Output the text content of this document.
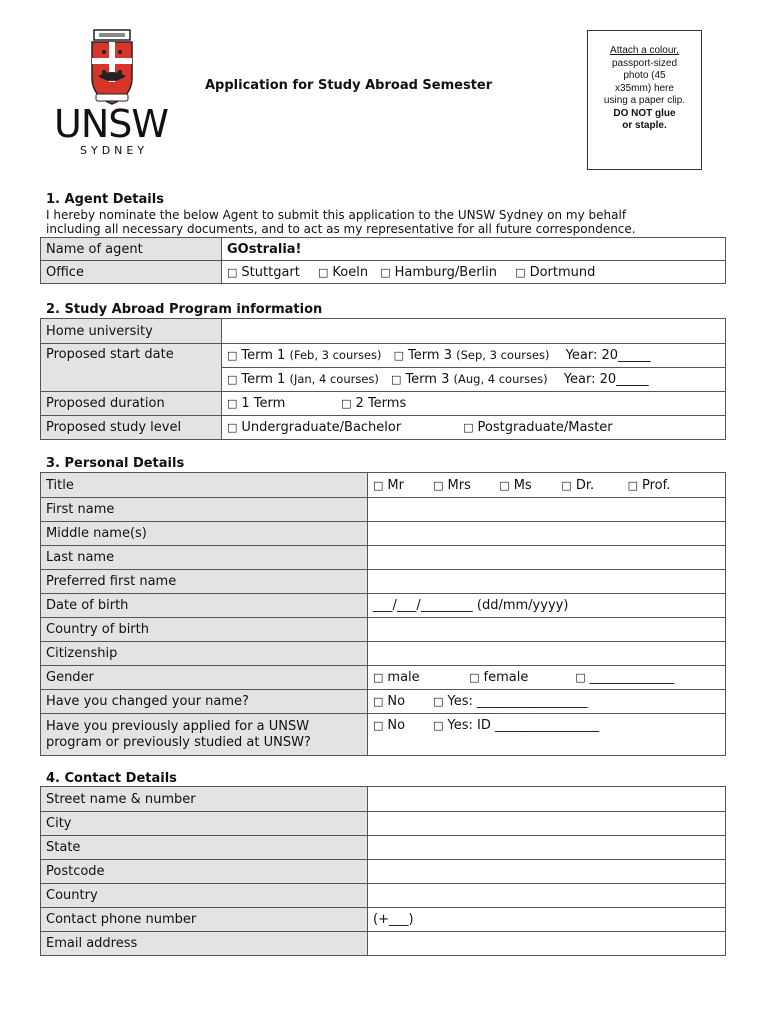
UNSW
SYDNEY
Application for Study Abroad Semester
Attach a colour,
passport-sized
photo (45
x35mm) here
using a paper clip.
DO NOT glue
or staple.
1. Agent Details
I hereby nominate the below Agent to submit this application to the UNSW Sydney on my behalf
including all necessary documents, and to act as my representative for all future correspondence.
Name of agent	GOstralia!
Office	□ Stuttgart □ Koeln □ Hamburg/Berlin □ Dortmund
2. Study Abroad Program information
Home university	
Proposed start date	□ Term 1 (Feb, 3 courses) □ Term 3 (Sep, 3 courses) Year: 20_____
	□ Term 1 (Jan, 4 courses) □ Term 3 (Aug, 4 courses) Year: 20_____
Proposed duration	□ 1 Term □ 2 Terms
Proposed study level	□ Undergraduate/Bachelor □ Postgraduate/Master
3. Personal Details
Title	□ Mr □ Mrs □ Ms □ Dr. □ Prof.
First name	
Middle name(s)	
Last name	
Preferred first name	
Date of birth	___/___/________ (dd/mm/yyyy)
Country of birth	
Citizenship	
Gender	□ male □ female □ _____________
Have you changed your name?	□ No □ Yes: _________________

Have you previously applied for a UNSW
program or previously studied at UNSW?	□ No □ Yes: ID ________________
4. Contact Details
Street name & number	
City	
State	
Postcode	
Country	
Contact phone number	(+___)
Email address	
